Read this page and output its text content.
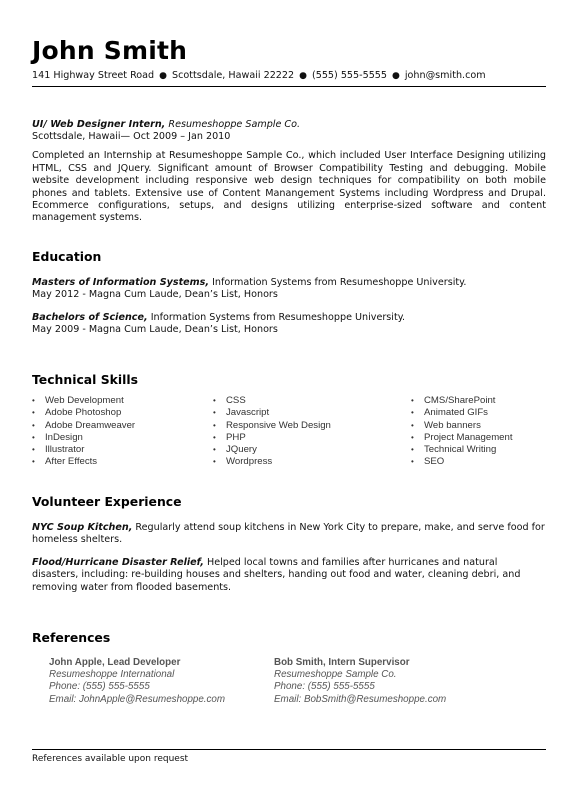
John Smith
141 Highway Street Road ● Scottsdale, Hawaii 22222 ● (555) 555-5555 ● john@smith.com
UI/ Web Designer Intern, Resumeshoppe Sample Co.
Scottsdale, Hawaii— Oct 2009 – Jan 2010
Completed an Internship at Resumeshoppe Sample Co., which included User Interface Designing utilizing HTML, CSS and JQuery. Significant amount of Browser Compatibility Testing and debugging. Mobile website development including responsive web design techniques for compatibility on both mobile phones and tablets. Extensive use of Content Manangement Systems including Wordpress and Drupal. Ecommerce configurations, setups, and designs utilizing enterprise-sized software and content management systems.
Education
Masters of Information Systems, Information Systems from Resumeshoppe University.
May 2012 - Magna Cum Laude, Dean’s List, Honors
Bachelors of Science, Information Systems from Resumeshoppe University.
May 2009 - Magna Cum Laude, Dean’s List, Honors
Technical Skills
• Web Development
• Adobe Photoshop
• Adobe Dreamweaver
• InDesign
• Illustrator
• After Effects
• CSS
• Javascript
• Responsive Web Design
• PHP
• JQuery
• Wordpress
• CMS/SharePoint
• Animated GIFs
• Web banners
• Project Management
• Technical Writing
• SEO
Volunteer Experience
NYC Soup Kitchen, Regularly attend soup kitchens in New York City to prepare, make, and serve food for homeless shelters.
Flood/Hurricane Disaster Relief, Helped local towns and families after hurricanes and natural disasters, including: re-building houses and shelters, handing out food and water, cleaning debri, and removing water from flooded basements.
References
John Apple, Lead Developer
Resumeshoppe International
Phone: (555) 555-5555
Email: JohnApple@Resumeshoppe.com
Bob Smith, Intern Supervisor
Resumeshoppe Sample Co.
Phone: (555) 555-5555
Email: BobSmith@Resumeshoppe.com
References available upon request
